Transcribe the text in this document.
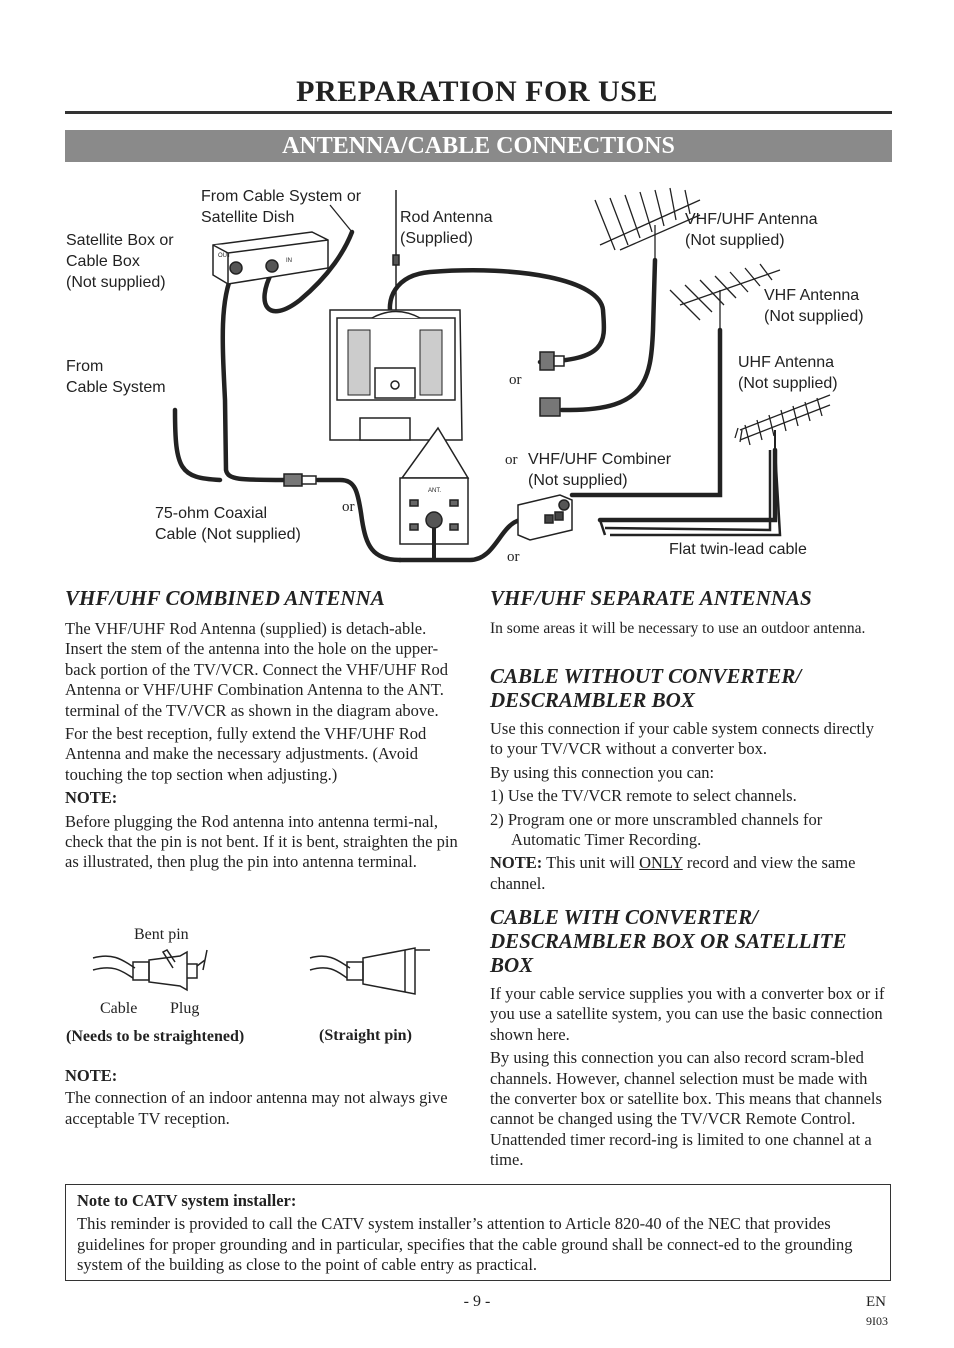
PREPARATION FOR USE
ANTENNA/CABLE CONNECTIONS
OUT
IN
ANT.
From Cable System or
Satellite Dish
Satellite Box or
Cable Box
(Not supplied)
Rod Antenna
(Supplied)
VHF/UHF Antenna
(Not supplied)
VHF Antenna
(Not supplied)
UHF Antenna
(Not supplied)
From
Cable System
75-ohm Coaxial
Cable (Not supplied)
VHF/UHF Combiner
(Not supplied)
Flat twin-lead cable
or
or
or
or
VHF/UHF COMBINED ANTENNA

The VHF/UHF Rod Antenna (supplied) is detach-able. Insert the stem of the antenna into the hole on the upper-back portion of the TV/VCR. Connect the VHF/UHF Rod Antenna or VHF/UHF Combination Antenna to the ANT. terminal of the TV/VCR as shown in the diagram above.

For the best reception, fully extend the VHF/UHF Rod Antenna and make the necessary adjustments. (Avoid touching the top section when adjusting.)

NOTE:

Before plugging the Rod antenna into antenna termi-nal, check that the pin is not bent. If it is bent, straighten the pin as illustrated, then plug the pin into antenna terminal.

Bent pin
Cable Plug
(Needs to be straightened)	(Straight pin)

NOTE:

The connection of an indoor antenna may not always give acceptable TV reception.

VHF/UHF SEPARATE ANTENNAS

In some areas it will be necessary to use an outdoor antenna.

CABLE WITHOUT CONVERTER/
DESCRAMBLER BOX

Use this connection if your cable system connects directly to your TV/VCR without a converter box.

By using this connection you can:

1) Use the TV/VCR remote to select channels.

2) Program one or more unscrambled channels for

Automatic Timer Recording.

NOTE: This unit will ONLY record and view the same channel.

CABLE WITH CONVERTER/
DESCRAMBLER BOX OR SATELLITE
BOX

If your cable service supplies you with a converter box or if you use a satellite system, you can use the basic connection shown here.

By using this connection you can also record scram-bled channels. However, channel selection must be made with the converter box or satellite box. This means that channels cannot be changed using the TV/VCR Remote Control. Unattended timer record-ing is limited to one channel at a time.

Note to CATV system installer:

This reminder is provided to call the CATV system installer’s attention to Article 820-40 of the NEC that provides guidelines for proper grounding and in particular, specifies that the cable ground shall be connect-ed to the grounding system of the building as close to the point of cable entry as practical.

- 9 -	EN
9I03
